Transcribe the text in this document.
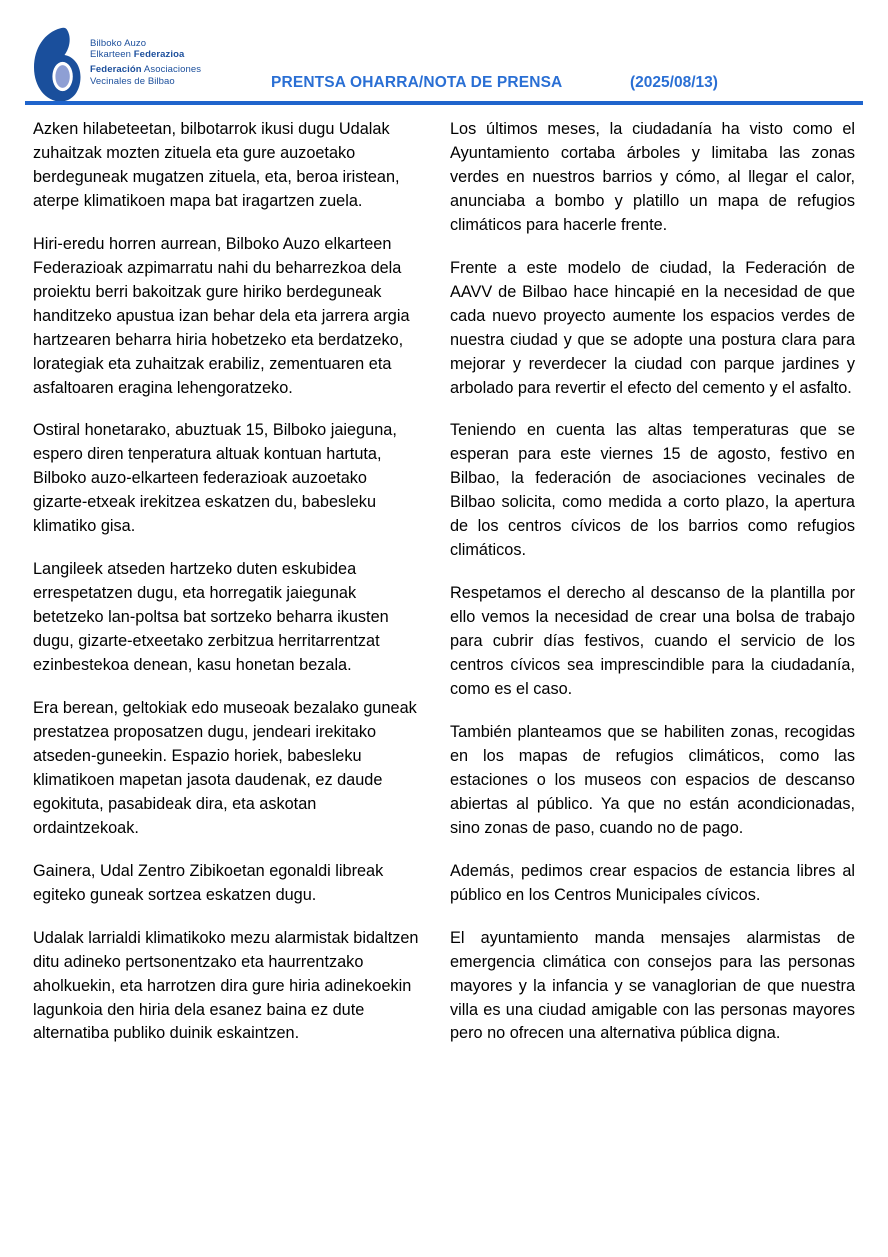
Bilboko Auzo
Elkarteen Federazioa
Federación Asociaciones
Vecinales de Bilbao	PRENTSA OHARRA/NOTA DE PRENSA	(2025/08/13)

Azken hilabeteetan, bilbotarrok ikusi dugu Udalak zuhaitzak mozten zituela eta gure auzoetako berdeguneak mugatzen zituela, eta, beroa iristean, aterpe klimatikoen mapa bat iragartzen zuela.

Hiri-eredu horren aurrean, Bilboko Auzo elkarteen Federazioak azpimarratu nahi du beharrezkoa dela proiektu berri bakoitzak gure hiriko berdeguneak handitzeko apustua izan behar dela eta jarrera argia hartzearen beharra hiria hobetzeko eta berdatzeko, lorategiak eta zuhaitzak erabiliz, zementuaren eta asfaltoaren eragina lehengoratzeko.

Ostiral honetarako, abuztuak 15, Bilboko jaieguna, espero diren tenperatura altuak kontuan hartuta, Bilboko auzo-elkarteen federazioak auzoetako gizarte-etxeak irekitzea eskatzen du, babesleku klimatiko gisa.

Langileek atseden hartzeko duten eskubidea errespetatzen dugu, eta horregatik jaiegunak betetzeko lan-poltsa bat sortzeko beharra ikusten dugu, gizarte-etxeetako zerbitzua herritarrentzat ezinbestekoa denean, kasu honetan bezala.

Era berean, geltokiak edo museoak bezalako guneak prestatzea proposatzen dugu, jendeari irekitako atseden-guneekin. Espazio horiek, babesleku klimatikoen mapetan jasota daudenak, ez daude egokituta, pasabideak dira, eta askotan ordaintzekoak.

Gainera, Udal Zentro Zibikoetan egonaldi libreak egiteko guneak sortzea eskatzen dugu.

Udalak larrialdi klimatikoko mezu alarmistak bidaltzen ditu adineko pertsonentzako eta haurrentzako aholkuekin, eta harrotzen dira gure hiria adinekoekin lagunkoia den hiria dela esanez baina ez dute alternatiba publiko duinik eskaintzen.

Los últimos meses, la ciudadanía ha visto como el Ayuntamiento cortaba árboles y limitaba las zonas verdes en nuestros barrios y cómo, al llegar el calor, anunciaba a bombo y platillo un mapa de refugios climáticos para hacerle frente.

Frente a este modelo de ciudad, la Federación de AAVV de Bilbao hace hincapié en la necesidad de que cada nuevo proyecto aumente los espacios verdes de nuestra ciudad y que se adopte una postura clara para mejorar y reverdecer la ciudad con parque jardines y arbolado para revertir el efecto del cemento y el asfalto.

Teniendo en cuenta las altas temperaturas que se esperan para este viernes 15 de agosto, festivo en Bilbao, la federación de asociaciones vecinales de Bilbao solicita, como medida a corto plazo, la apertura de los centros cívicos de los barrios como refugios climáticos.

Respetamos el derecho al descanso de la plantilla por ello vemos la necesidad de crear una bolsa de trabajo para cubrir días festivos, cuando el servicio de los centros cívicos sea imprescindible para la ciudadanía, como es el caso.

También planteamos que se habiliten zonas, recogidas en los mapas de refugios climáticos, como las estaciones o los museos con espacios de descanso abiertas al público. Ya que no están acondicionadas, sino zonas de paso, cuando no de pago.

Además, pedimos crear espacios de estancia libres al público en los Centros Municipales cívicos.

El ayuntamiento manda mensajes alarmistas de emergencia climática con consejos para las personas mayores y la infancia y se vanaglorian de que nuestra villa es una ciudad amigable con las personas mayores pero no ofrecen una alternativa pública digna.
